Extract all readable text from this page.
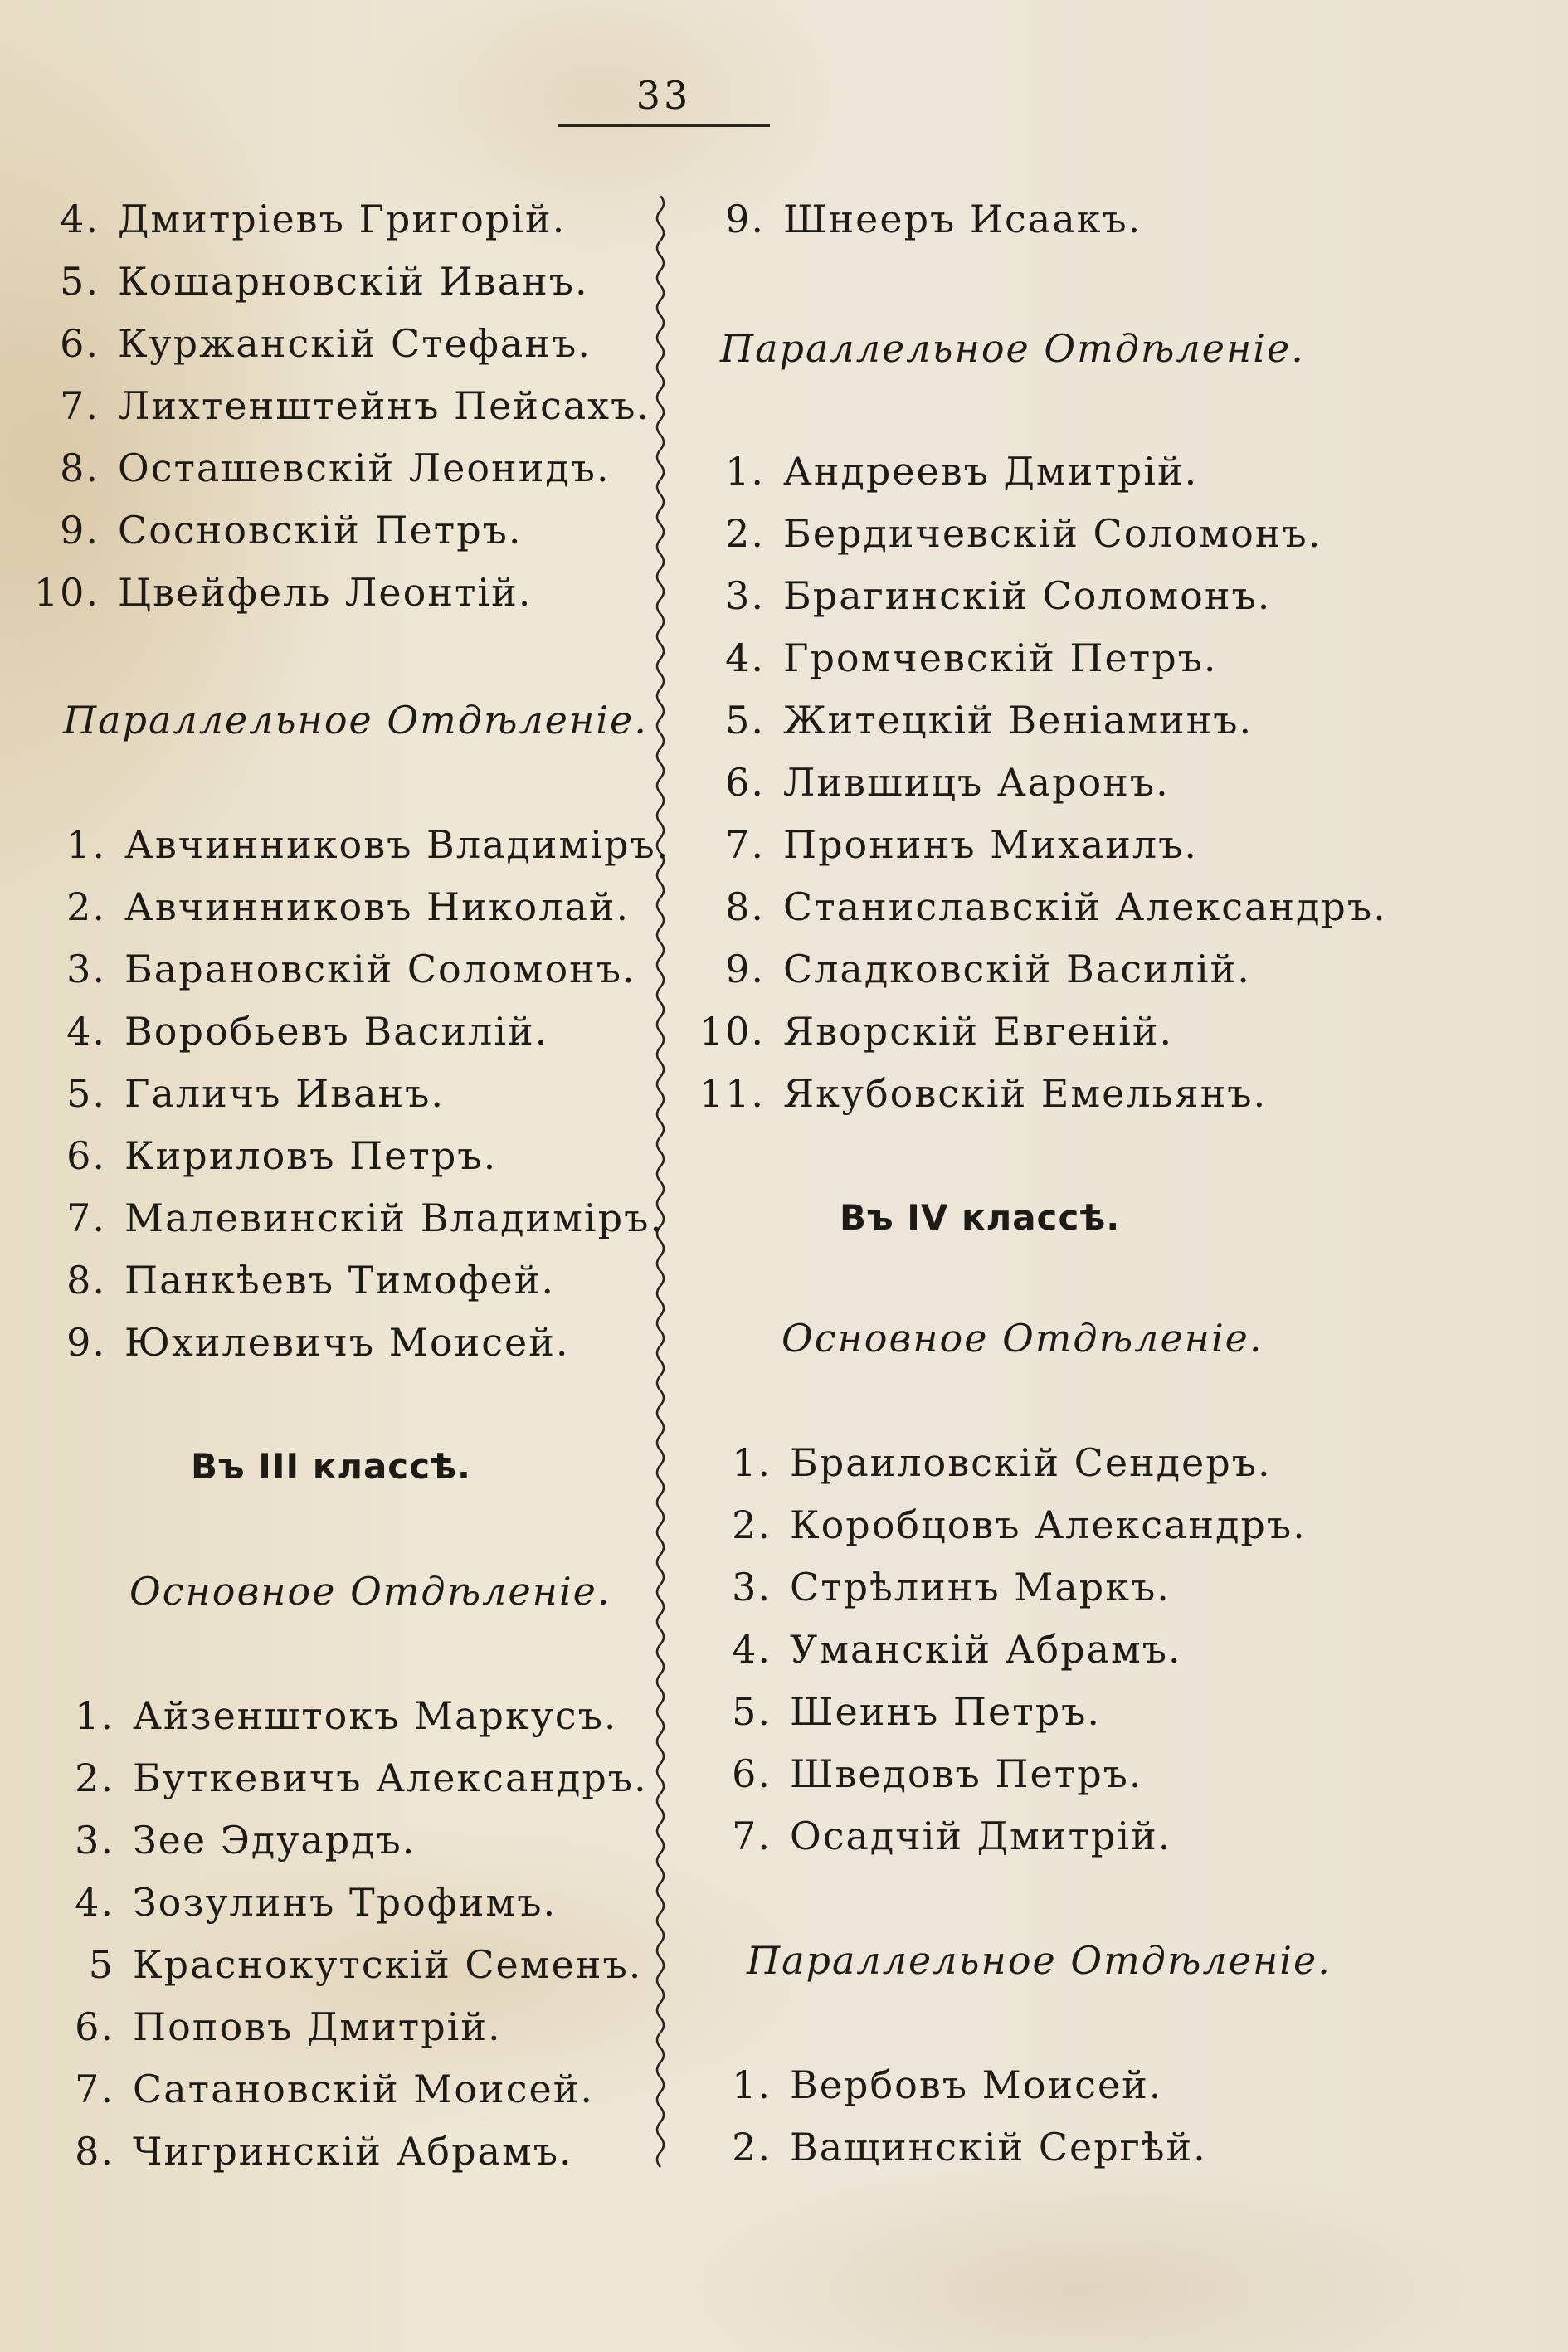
33
4. Дмитріевъ Григорій.
5. Кошарновскій Иванъ.
6. Куржанскій Стефанъ.
7. Лихтенштейнъ Пейсахъ.
8. Осташевскій Леонидъ.
9. Сосновскій Петръ.
10. Цвейфель Леонтій.
Параллельное Отдѣленіе.
1. Авчинниковъ Владиміръ.
2. Авчинниковъ Николай.
3. Барановскій Соломонъ.
4. Воробьевъ Василій.
5. Галичъ Иванъ.
6. Кириловъ Петръ.
7. Малевинскій Владиміръ.
8. Панкѣевъ Тимофей.
9. Юхилевичъ Моисей.
Въ III классѣ.
Основное Отдѣленіе.
1. Айзенштокъ Маркусъ.
2. Буткевичъ Александръ.
3. Зее Эдуардъ.
4. Зозулинъ Трофимъ.
5 Краснокутскій Семенъ.
6. Поповъ Дмитрій.
7. Сатановскій Моисей.
8. Чигринскій Абрамъ.
9. Шнееръ Исаакъ.
Параллельное Отдѣленіе.
1. Андреевъ Дмитрій.
2. Бердичевскій Соломонъ.
3. Брагинскій Соломонъ.
4. Громчевскій Петръ.
5. Житецкій Веніаминъ.
6. Лившицъ Ааронъ.
7. Пронинъ Михаилъ.
8. Станиславскій Александръ.
9. Сладковскій Василій.
10. Яворскій Евгеній.
11. Якубовскій Емельянъ.
Въ IV классѣ.
Основное Отдѣленіе.
1. Браиловскій Сендеръ.
2. Коробцовъ Александръ.
3. Стрѣлинъ Маркъ.
4. Уманскій Абрамъ.
5. Шеинъ Петръ.
6. Шведовъ Петръ.
7. Осадчій Дмитрій.
Параллельное Отдѣленіе.
1. Вербовъ Моисей.
2. Ващинскій Сергѣй.
